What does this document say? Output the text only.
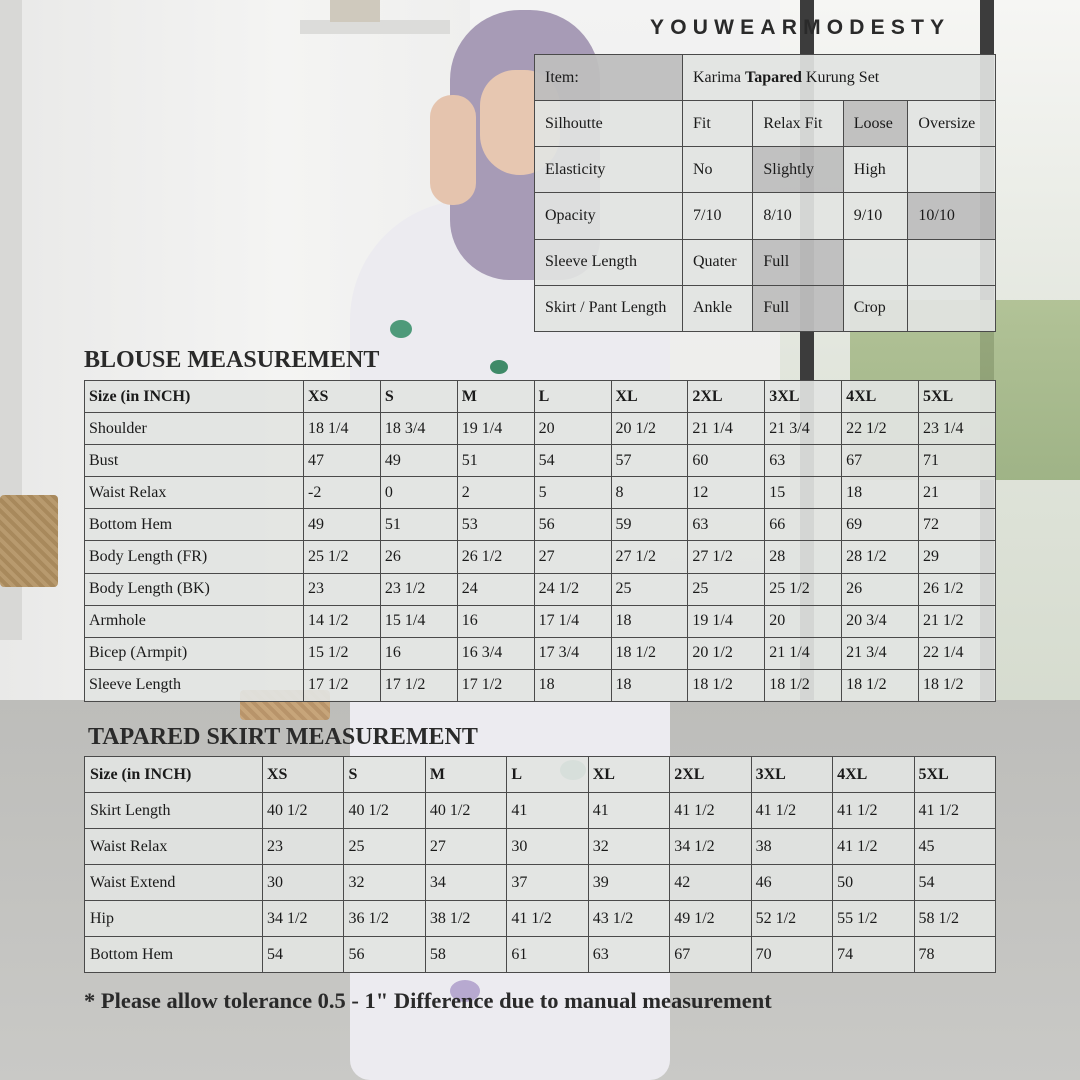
YOUWEARMODESTY
Item:	Karima Tapared Kurung Set			
Silhoutte	Fit	Relax Fit	Loose	Oversize
Elasticity	No	Slightly	High	
Opacity	7/10	8/10	9/10	10/10
Sleeve Length	Quater	Full		
Skirt / Pant Length	Ankle	Full	Crop	
BLOUSE MEASUREMENT
Size (in INCH)	XS	S	M	L	XL	2XL	3XL	4XL	5XL
Shoulder	18 1/4	18 3/4	19 1/4	20	20 1/2	21 1/4	21 3/4	22 1/2	23 1/4
Bust	47	49	51	54	57	60	63	67	71
Waist Relax	-2	0	2	5	8	12	15	18	21
Bottom Hem	49	51	53	56	59	63	66	69	72
Body Length (FR)	25 1/2	26	26 1/2	27	27 1/2	27 1/2	28	28 1/2	29
Body Length (BK)	23	23 1/2	24	24 1/2	25	25	25 1/2	26	26 1/2
Armhole	14 1/2	15 1/4	16	17 1/4	18	19 1/4	20	20 3/4	21 1/2
Bicep (Armpit)	15 1/2	16	16 3/4	17 3/4	18 1/2	20 1/2	21 1/4	21 3/4	22 1/4
Sleeve Length	17 1/2	17 1/2	17 1/2	18	18	18 1/2	18 1/2	18 1/2	18 1/2
TAPARED SKIRT MEASUREMENT
Size (in INCH)	XS	S	M	L	XL	2XL	3XL	4XL	5XL
Skirt Length	40 1/2	40 1/2	40 1/2	41	41	41 1/2	41 1/2	41 1/2	41 1/2
Waist Relax	23	25	27	30	32	34 1/2	38	41 1/2	45
Waist Extend	30	32	34	37	39	42	46	50	54
Hip	34 1/2	36 1/2	38 1/2	41 1/2	43 1/2	49 1/2	52 1/2	55 1/2	58 1/2
Bottom Hem	54	56	58	61	63	67	70	74	78
* Please allow tolerance 0.5 - 1" Difference due to manual measurement
